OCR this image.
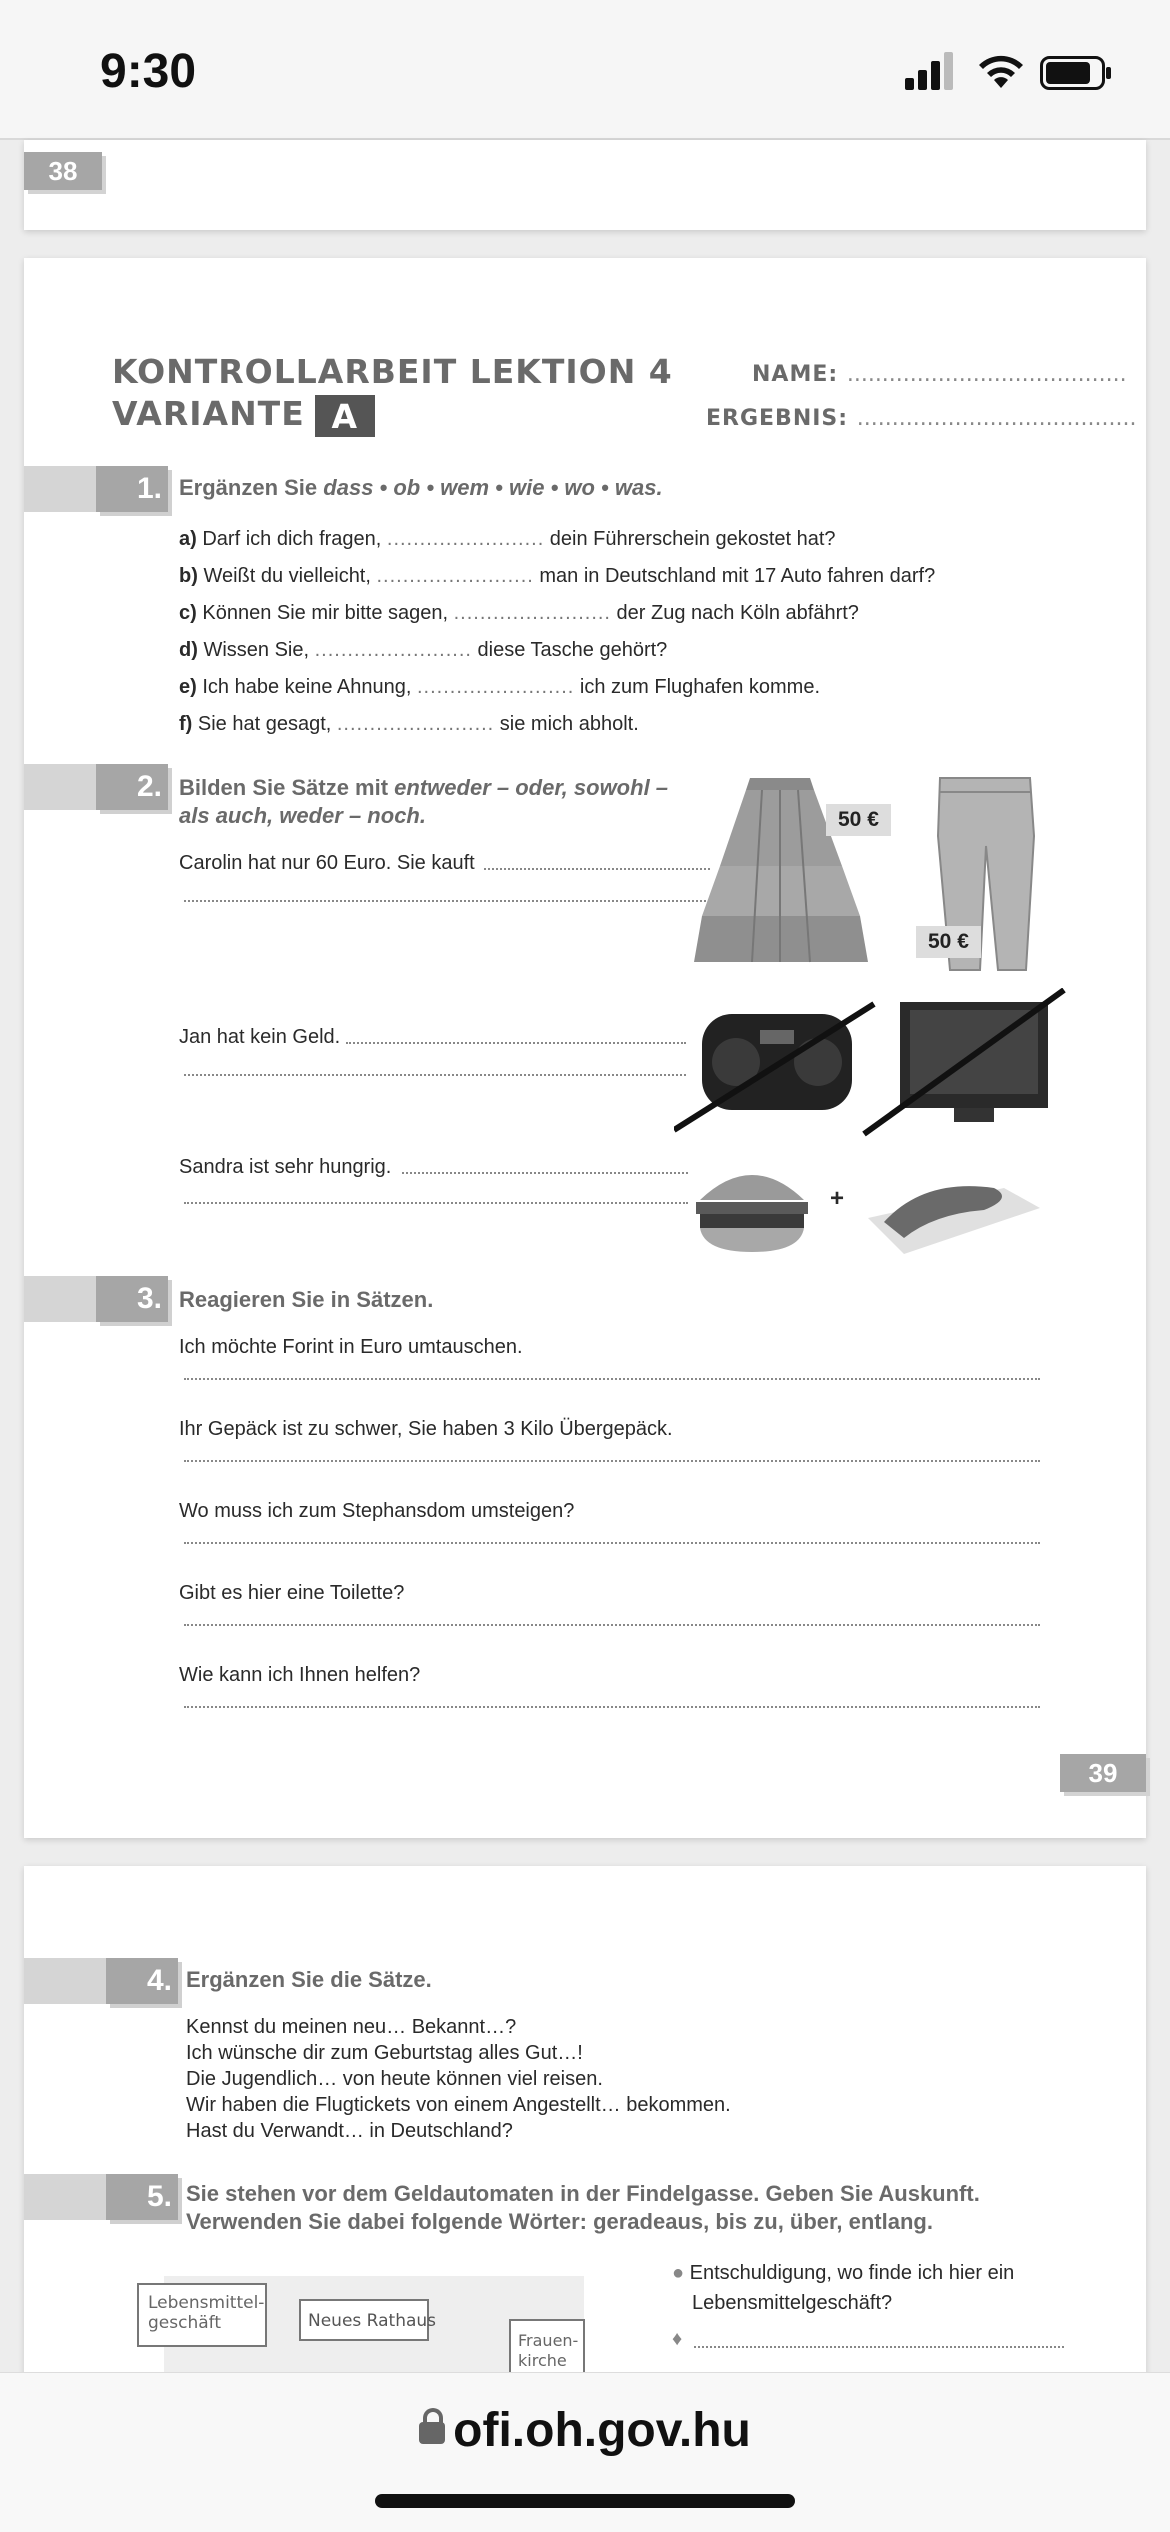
9:30
38
KONTROLLARBEIT LEKTION 4
VARIANTE A
NAME: ........................................
ERGEBNIS: ........................................
1. Ergänzen Sie dass • ob • wem • wie • wo • was.
a) Darf ich dich fragen, ........................ dein Führerschein gekostet hat?
b) Weißt du vielleicht, ........................ man in Deutschland mit 17 Auto fahren darf?
c) Können Sie mir bitte sagen, ........................ der Zug nach Köln abfährt?
d) Wissen Sie, ........................ diese Tasche gehört?
e) Ich habe keine Ahnung, ........................ ich zum Flughafen komme.
f) Sie hat gesagt, ........................ sie mich abholt.
2. Bilden Sie Sätze mit entweder – oder, sowohl – als auch, weder – noch.
Carolin hat nur 60 Euro. Sie kauft
50 €
50 €
Jan hat kein Geld.
Sandra ist sehr hungrig.
+
3. Reagieren Sie in Sätzen.
Ich möchte Forint in Euro umtauschen.
Ihr Gepäck ist zu schwer, Sie haben 3 Kilo Übergepäck.
Wo muss ich zum Stephansdom umsteigen?
Gibt es hier eine Toilette?
Wie kann ich Ihnen helfen?
39
4. Ergänzen Sie die Sätze.
Kennst du meinen neu… Bekannt…?
Ich wünsche dir zum Geburtstag alles Gut…!
Die Jugendlich… von heute können viel reisen.
Wir haben die Flugtickets von einem Angestellt… bekommen.
Hast du Verwandt… in Deutschland?
5. Sie stehen vor dem Geldautomaten in der Findelgasse. Geben Sie Auskunft.
Verwenden Sie dabei folgende Wörter: geradeaus, bis zu, über, entlang.
Lebensmittel-
geschäft	Neues Rathaus
Frauen-
kirche
● Entschuldigung, wo finde ich hier ein
Lebensmittelgeschäft?
♦
ofi.oh.gov.hu
